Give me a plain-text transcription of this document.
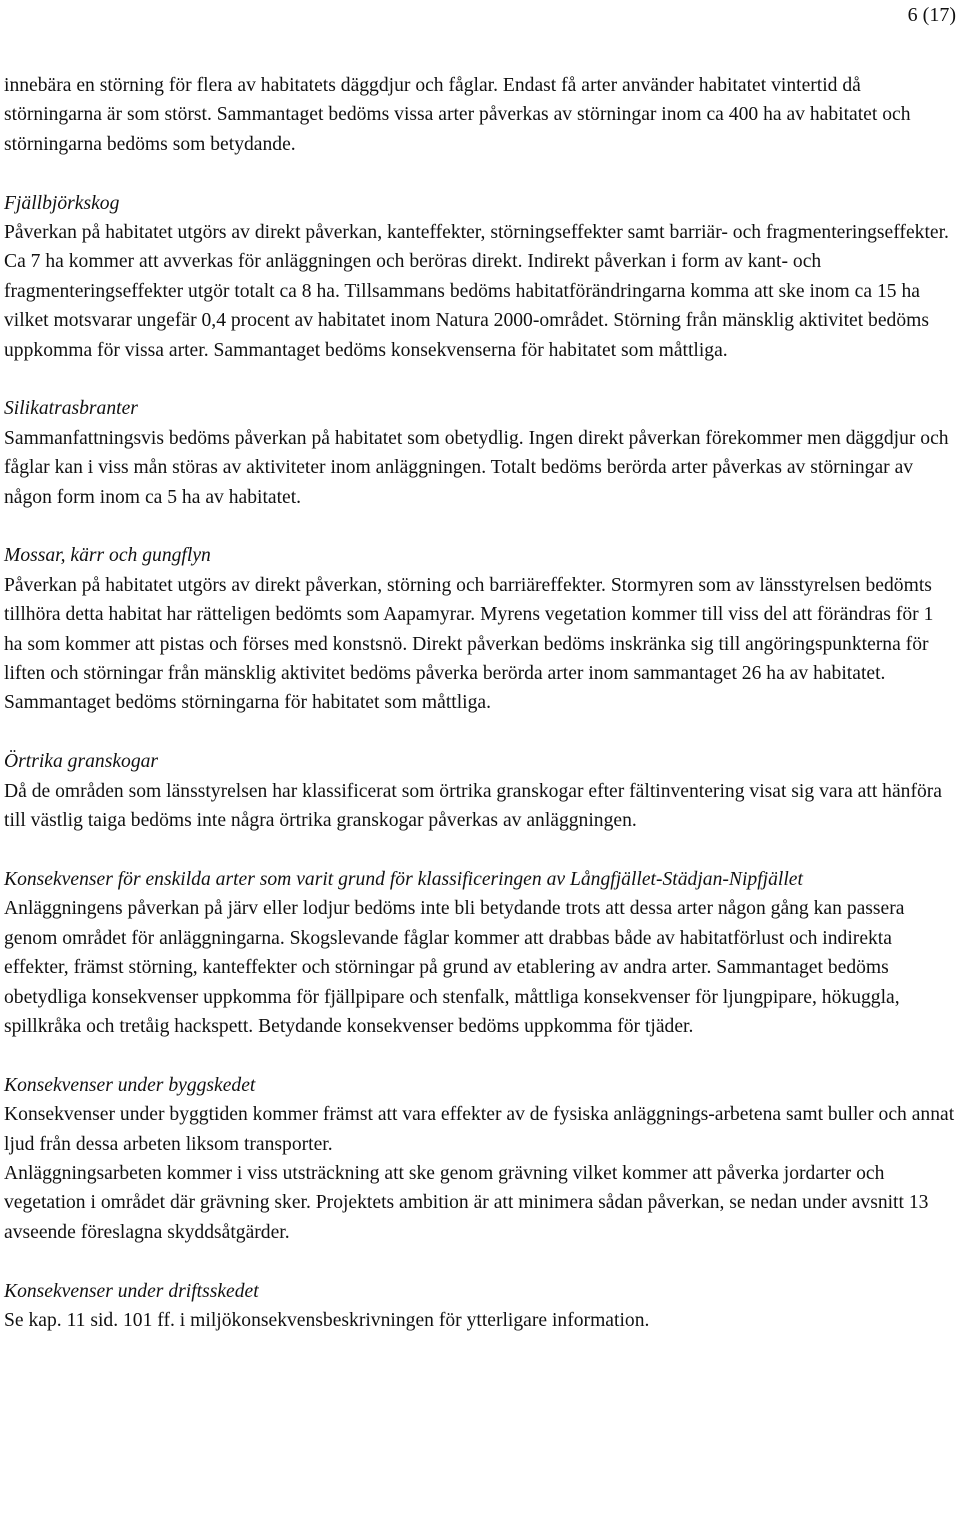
6 (17)

innebära en störning för flera av habitatets däggdjur och fåglar. Endast få arter använder habitatet vintertid då störningarna är som störst. Sammantaget bedöms vissa arter påverkas av störningar inom ca 400 ha av habitatet och störningarna bedöms som betydande.

Fjällbjörkskog

Påverkan på habitatet utgörs av direkt påverkan, kanteffekter, störningseffekter samt barriär- och fragmenteringseffekter. Ca 7 ha kommer att avverkas för anläggningen och beröras direkt. Indirekt påverkan i form av kant- och fragmenteringseffekter utgör totalt ca 8 ha. Tillsammans bedöms habitatförändringarna komma att ske inom ca 15 ha vilket motsvarar ungefär 0,4 procent av habitatet inom Natura 2000-området. Störning från mänsklig aktivitet bedöms uppkomma för vissa arter. Sammantaget bedöms konsekvenserna för habitatet som måttliga.

Silikatrasbranter

Sammanfattningsvis bedöms påverkan på habitatet som obetydlig. Ingen direkt påverkan förekommer men däggdjur och fåglar kan i viss mån störas av aktiviteter inom anläggningen. Totalt bedöms berörda arter påverkas av störningar av någon form inom ca 5 ha av habitatet.

Mossar, kärr och gungflyn

Påverkan på habitatet utgörs av direkt påverkan, störning och barriäreffekter. Stormyren som av länsstyrelsen bedömts tillhöra detta habitat har rätteligen bedömts som Aapamyrar. Myrens vegetation kommer till viss del att förändras för 1 ha som kommer att pistas och förses med konstsnö. Direkt påverkan bedöms inskränka sig till angöringspunkterna för liften och störningar från mänsklig aktivitet bedöms påverka berörda arter inom sammantaget 26 ha av habitatet. Sammantaget bedöms störningarna för habitatet som måttliga.

Örtrika granskogar

Då de områden som länsstyrelsen har klassificerat som örtrika granskogar efter fältinventering visat sig vara att hänföra till västlig taiga bedöms inte några örtrika granskogar påverkas av anläggningen.

Konsekvenser för enskilda arter som varit grund för klassificeringen av Långfjället-Städjan-Nipfjället

Anläggningens påverkan på järv eller lodjur bedöms inte bli betydande trots att dessa arter någon gång kan passera genom området för anläggningarna. Skogslevande fåglar kommer att drabbas både av habitatförlust och indirekta effekter, främst störning, kanteffekter och störningar på grund av etablering av andra arter. Sammantaget bedöms obetydliga konsekvenser uppkomma för fjällpipare och stenfalk, måttliga konsekvenser för ljungpipare, hökuggla, spillkråka och tretåig hackspett. Betydande konsekvenser bedöms uppkomma för tjäder.

Konsekvenser under byggskedet

Konsekvenser under byggtiden kommer främst att vara effekter av de fysiska anläggnings-arbetena samt buller och annat ljud från dessa arbeten liksom transporter.

Anläggningsarbeten kommer i viss utsträckning att ske genom grävning vilket kommer att påverka jordarter och vegetation i området där grävning sker. Projektets ambition är att minimera sådan påverkan, se nedan under avsnitt 13 avseende föreslagna skyddsåtgärder.

Konsekvenser under driftsskedet

Se kap. 11 sid. 101 ff. i miljökonsekvensbeskrivningen för ytterligare information.
